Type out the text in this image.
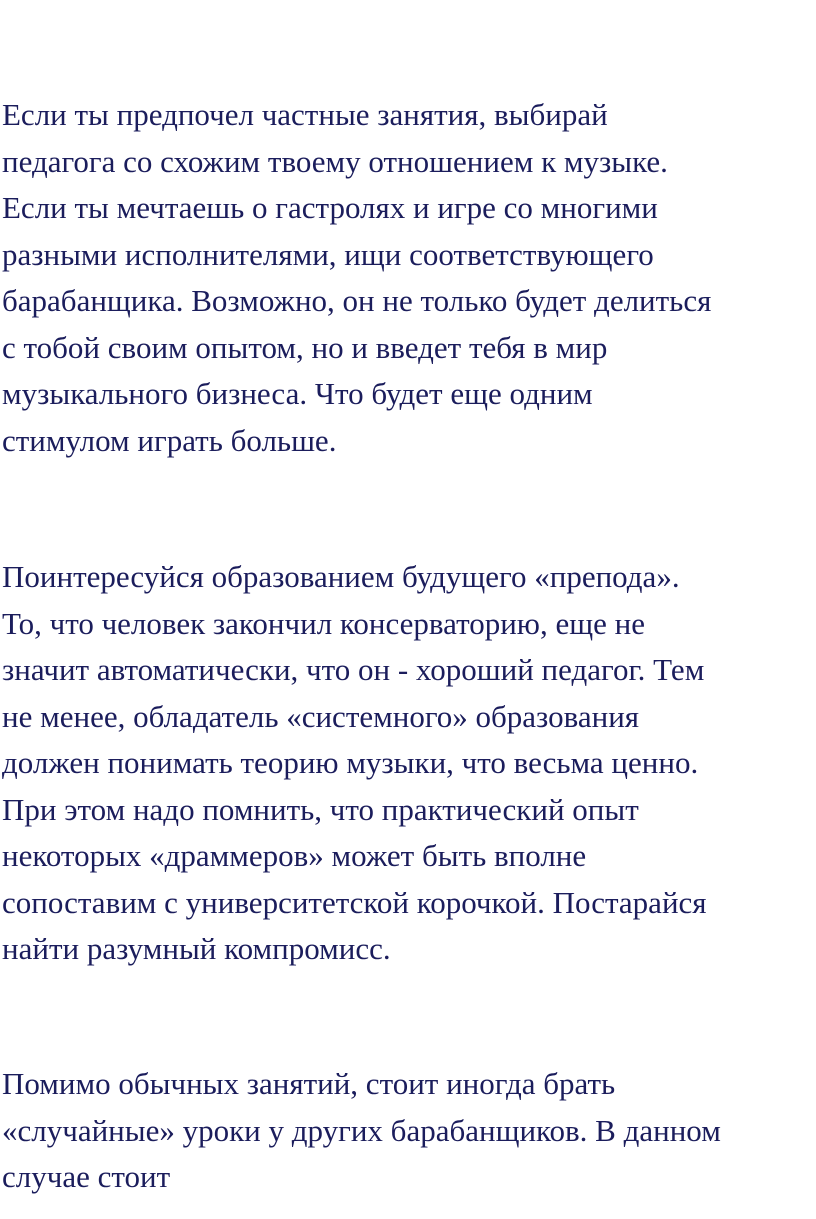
Если ты предпочел частные занятия, выбирай
педагога со схожим твоему отношением к музыке.
Если ты мечтаешь о гастролях и игре со многими
разными исполнителями, ищи соответствующего
барабанщика. Возможно, он не только будет делиться
с тобой своим опытом, но и введет тебя в мир
музыкального бизнеса. Что будет еще одним
стимулом играть больше.

Поинтересуйся образованием будущего «препода».
То, что человек закончил консерваторию, еще не
значит автоматически, что он - хороший педагог. Тем
не менее, обладатель «системного» образования
должен понимать теорию музыки, что весьма ценно.
При этом надо помнить, что практический опыт
некоторых «драммеров» может быть вполне
сопоставим с университетской корочкой. Постарайся
найти разумный компромисс.

Помимо обычных занятий, стоит иногда брать
«случайные» уроки у других барабанщиков. В данном
случае стоит
